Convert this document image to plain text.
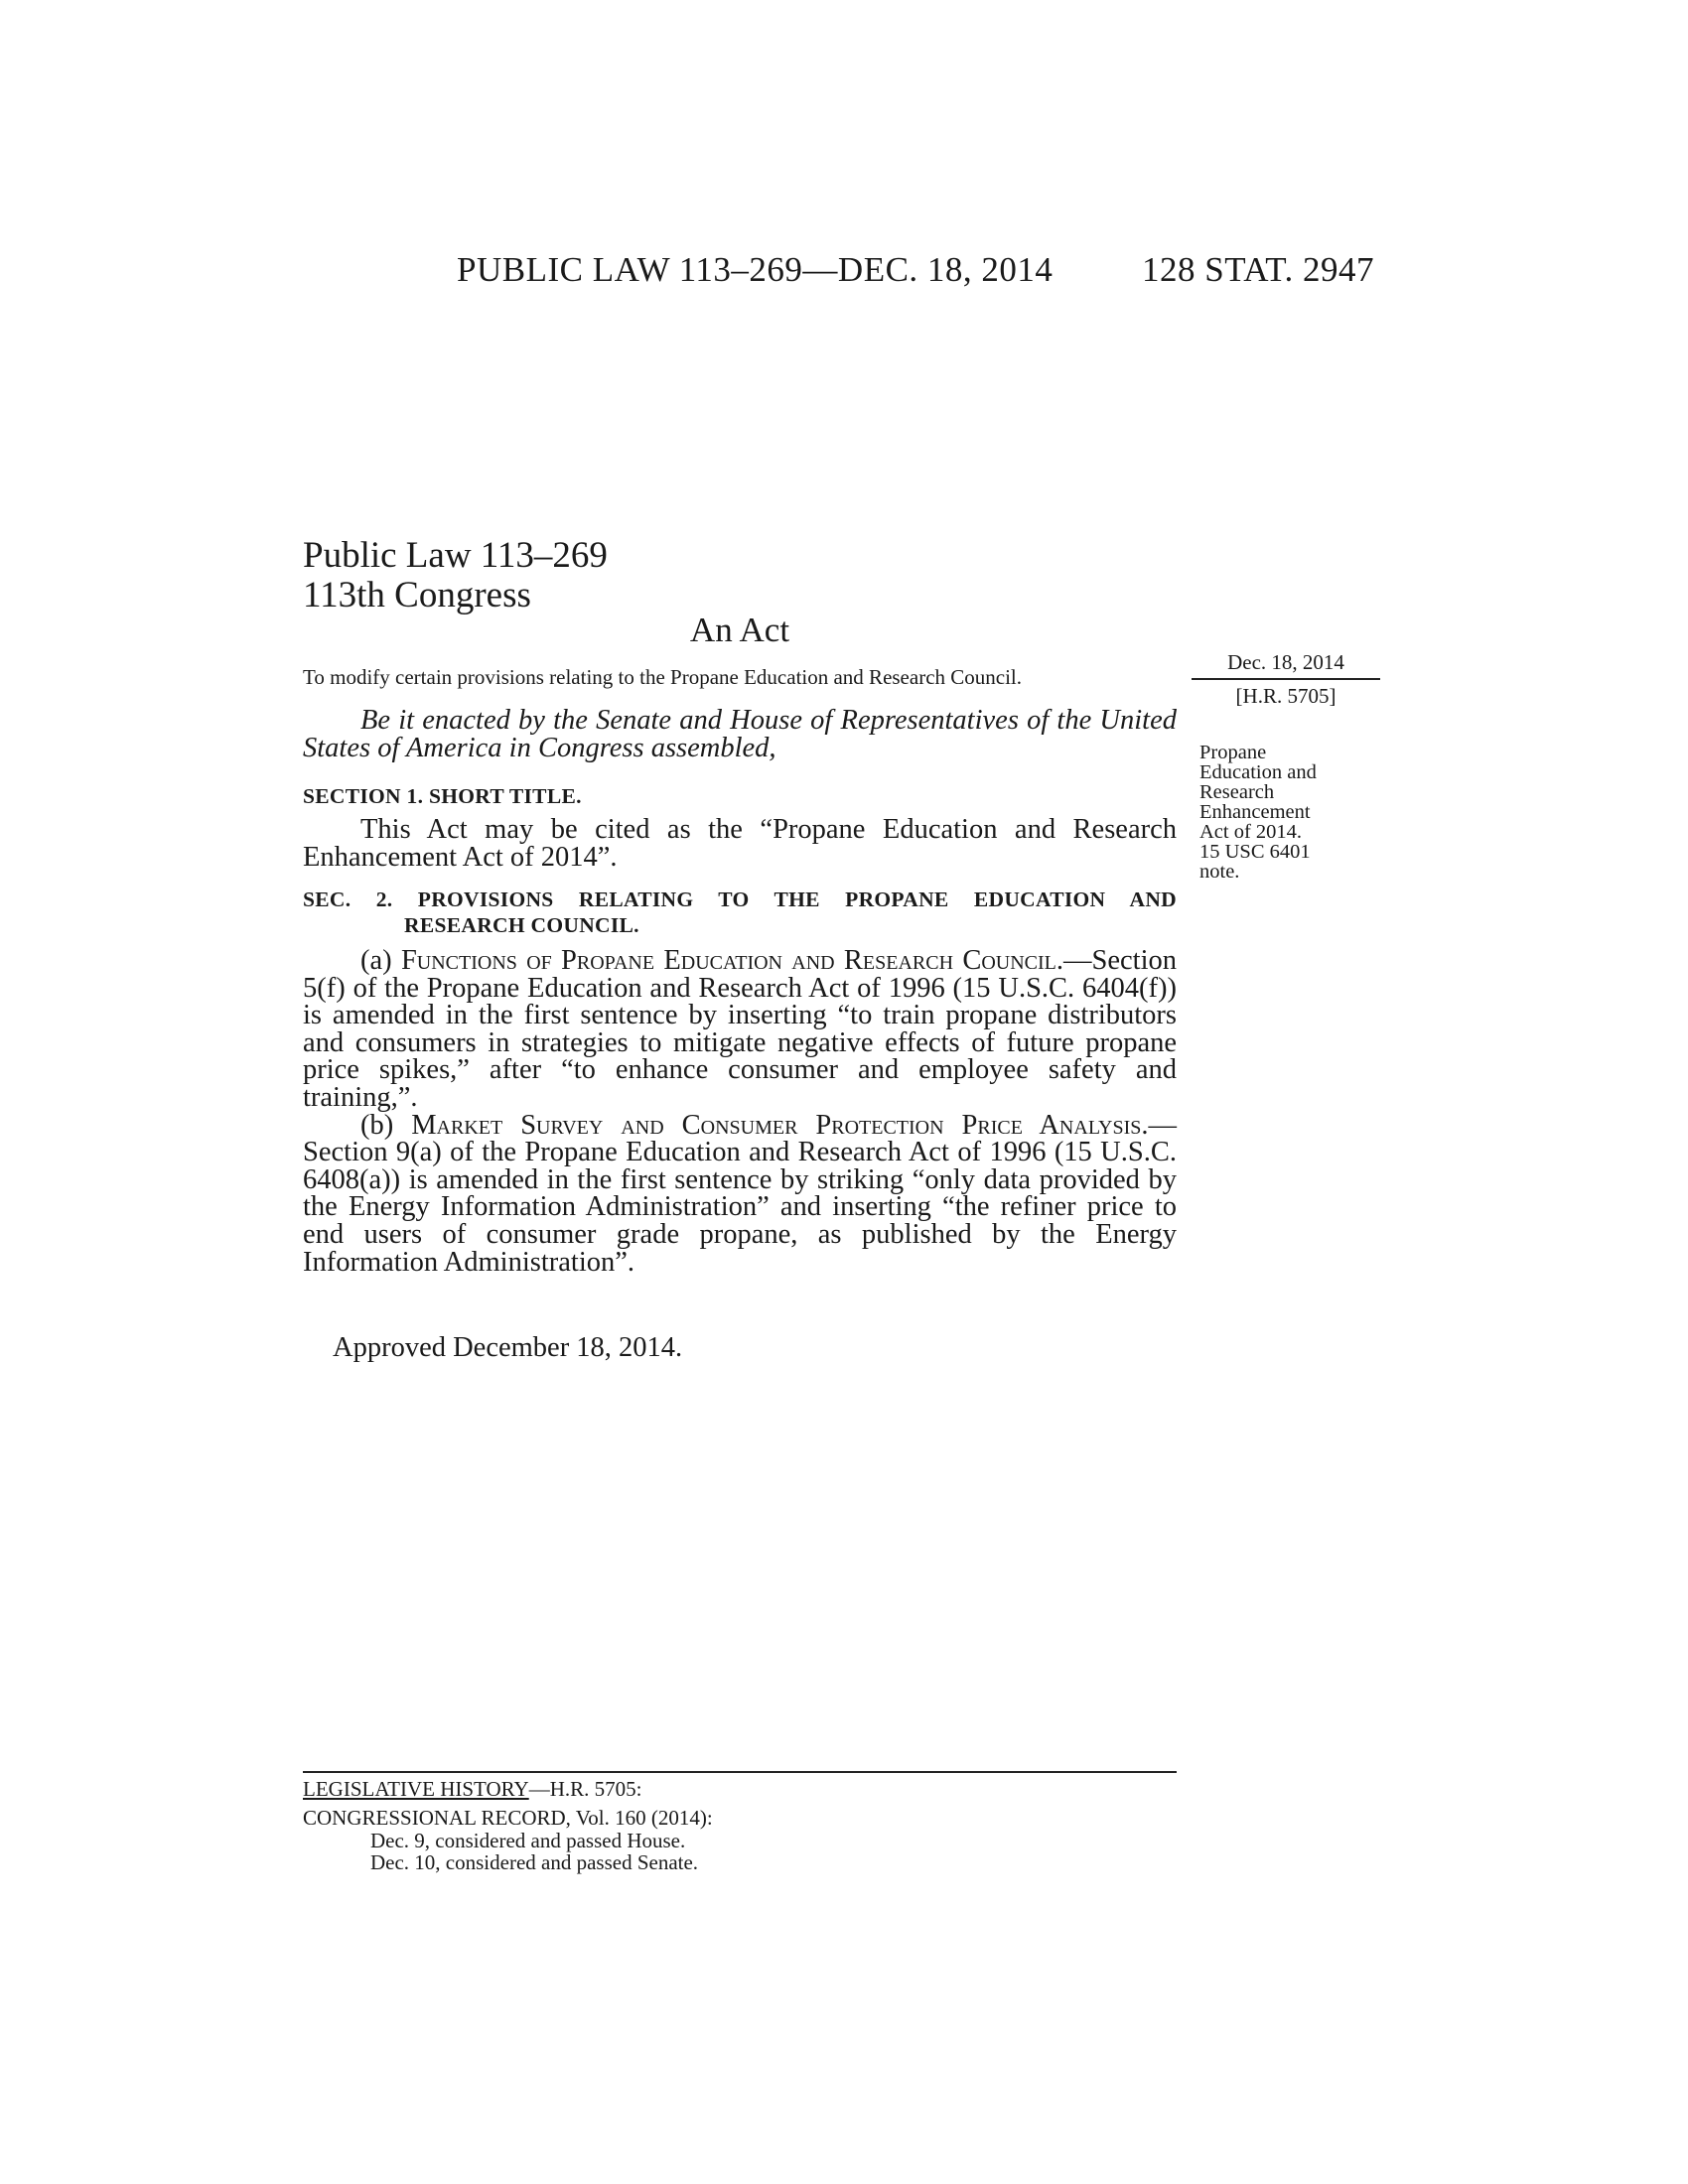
PUBLIC LAW 113–269—DEC. 18, 2014	128 STAT. 2947
Public Law 113–269
113th Congress
An Act
To modify certain provisions relating to the Propane Education and Research Council.
Dec. 18, 2014
[H.R. 5705]
Propane
Education and
Research
Enhancement
Act of 2014.
15 USC 6401
note.
Be it enacted by the Senate and House of Representatives of the United States of America in Congress assembled,
SECTION 1. SHORT TITLE.
This Act may be cited as the “Propane Education and Research Enhancement Act of 2014”.
SEC. 2. PROVISIONS RELATING TO THE PROPANE EDUCATION AND
RESEARCH COUNCIL.

(a) Functions of Propane Education and Research Council.—Section 5(f) of the Propane Education and Research Act of 1996 (15 U.S.C. 6404(f)) is amended in the first sentence by inserting “to train propane distributors and consumers in strategies to mitigate negative effects of future propane price spikes,” after “to enhance consumer and employee safety and training,”.

(b) Market Survey and Consumer Protection Price Analysis.—Section 9(a) of the Propane Education and Research Act of 1996 (15 U.S.C. 6408(a)) is amended in the first sentence by striking “only data provided by the Energy Information Administration” and inserting “the refiner price to end users of consumer grade propane, as published by the Energy Information Administration”.

Approved December 18, 2014.
LEGISLATIVE HISTORY—H.R. 5705:
CONGRESSIONAL RECORD, Vol. 160 (2014):
Dec. 9, considered and passed House.
Dec. 10, considered and passed Senate.
